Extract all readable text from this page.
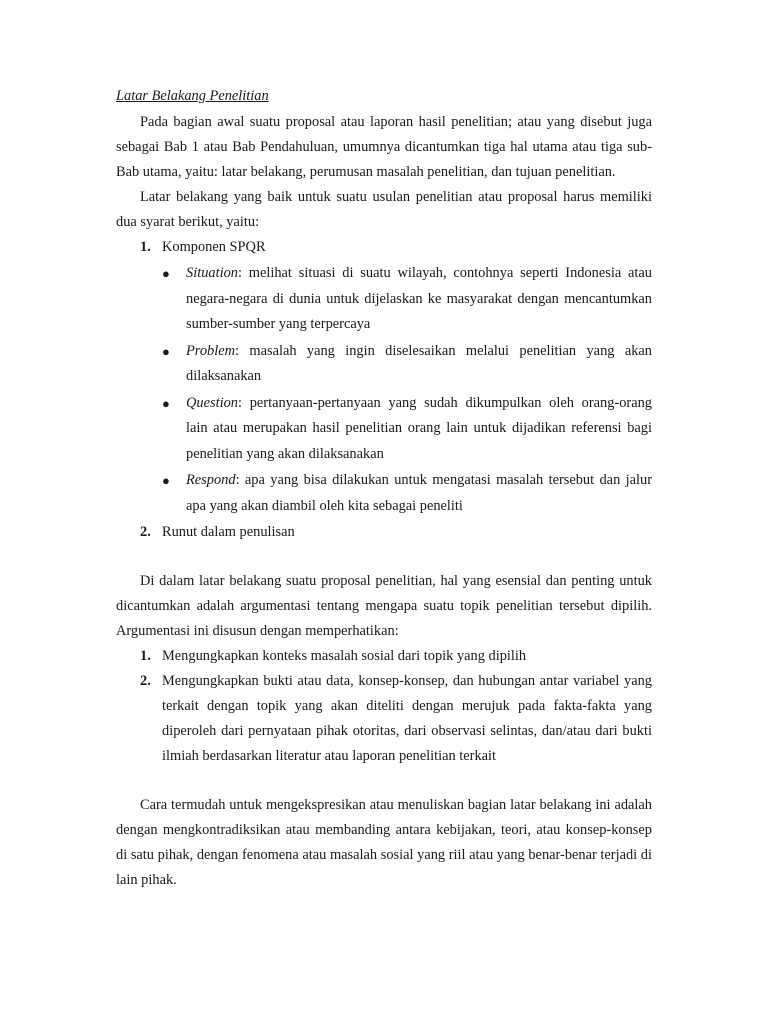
Latar Belakang Penelitian

Pada bagian awal suatu proposal atau laporan hasil penelitian; atau yang disebut juga sebagai Bab 1 atau Bab Pendahuluan, umumnya dicantumkan tiga hal utama atau tiga sub-Bab utama, yaitu: latar belakang, perumusan masalah penelitian, dan tujuan penelitian.

Latar belakang yang baik untuk suatu usulan penelitian atau proposal harus memiliki dua syarat berikut, yaitu:

1. Komponen SPQR
● Situation: melihat situasi di suatu wilayah, contohnya seperti Indonesia atau negara-negara di dunia untuk dijelaskan ke masyarakat dengan mencantumkan sumber-sumber yang terpercaya
● Problem: masalah yang ingin diselesaikan melalui penelitian yang akan dilaksanakan
● Question: pertanyaan-pertanyaan yang sudah dikumpulkan oleh orang-orang lain atau merupakan hasil penelitian orang lain untuk dijadikan referensi bagi penelitian yang akan dilaksanakan
● Respond: apa yang bisa dilakukan untuk mengatasi masalah tersebut dan jalur apa yang akan diambil oleh kita sebagai peneliti
2. Runut dalam penulisan

Di dalam latar belakang suatu proposal penelitian, hal yang esensial dan penting untuk dicantumkan adalah argumentasi tentang mengapa suatu topik penelitian tersebut dipilih. Argumentasi ini disusun dengan memperhatikan:

1. Mengungkapkan konteks masalah sosial dari topik yang dipilih
2. Mengungkapkan bukti atau data, konsep-konsep, dan hubungan antar variabel yang terkait dengan topik yang akan diteliti dengan merujuk pada fakta-fakta yang diperoleh dari pernyataan pihak otoritas, dari observasi selintas, dan/atau dari bukti ilmiah berdasarkan literatur atau laporan penelitian terkait

Cara termudah untuk mengekspresikan atau menuliskan bagian latar belakang ini adalah dengan mengkontradiksikan atau membanding antara kebijakan, teori, atau konsep-konsep di satu pihak, dengan fenomena atau masalah sosial yang riil atau yang benar-benar terjadi di lain pihak.
